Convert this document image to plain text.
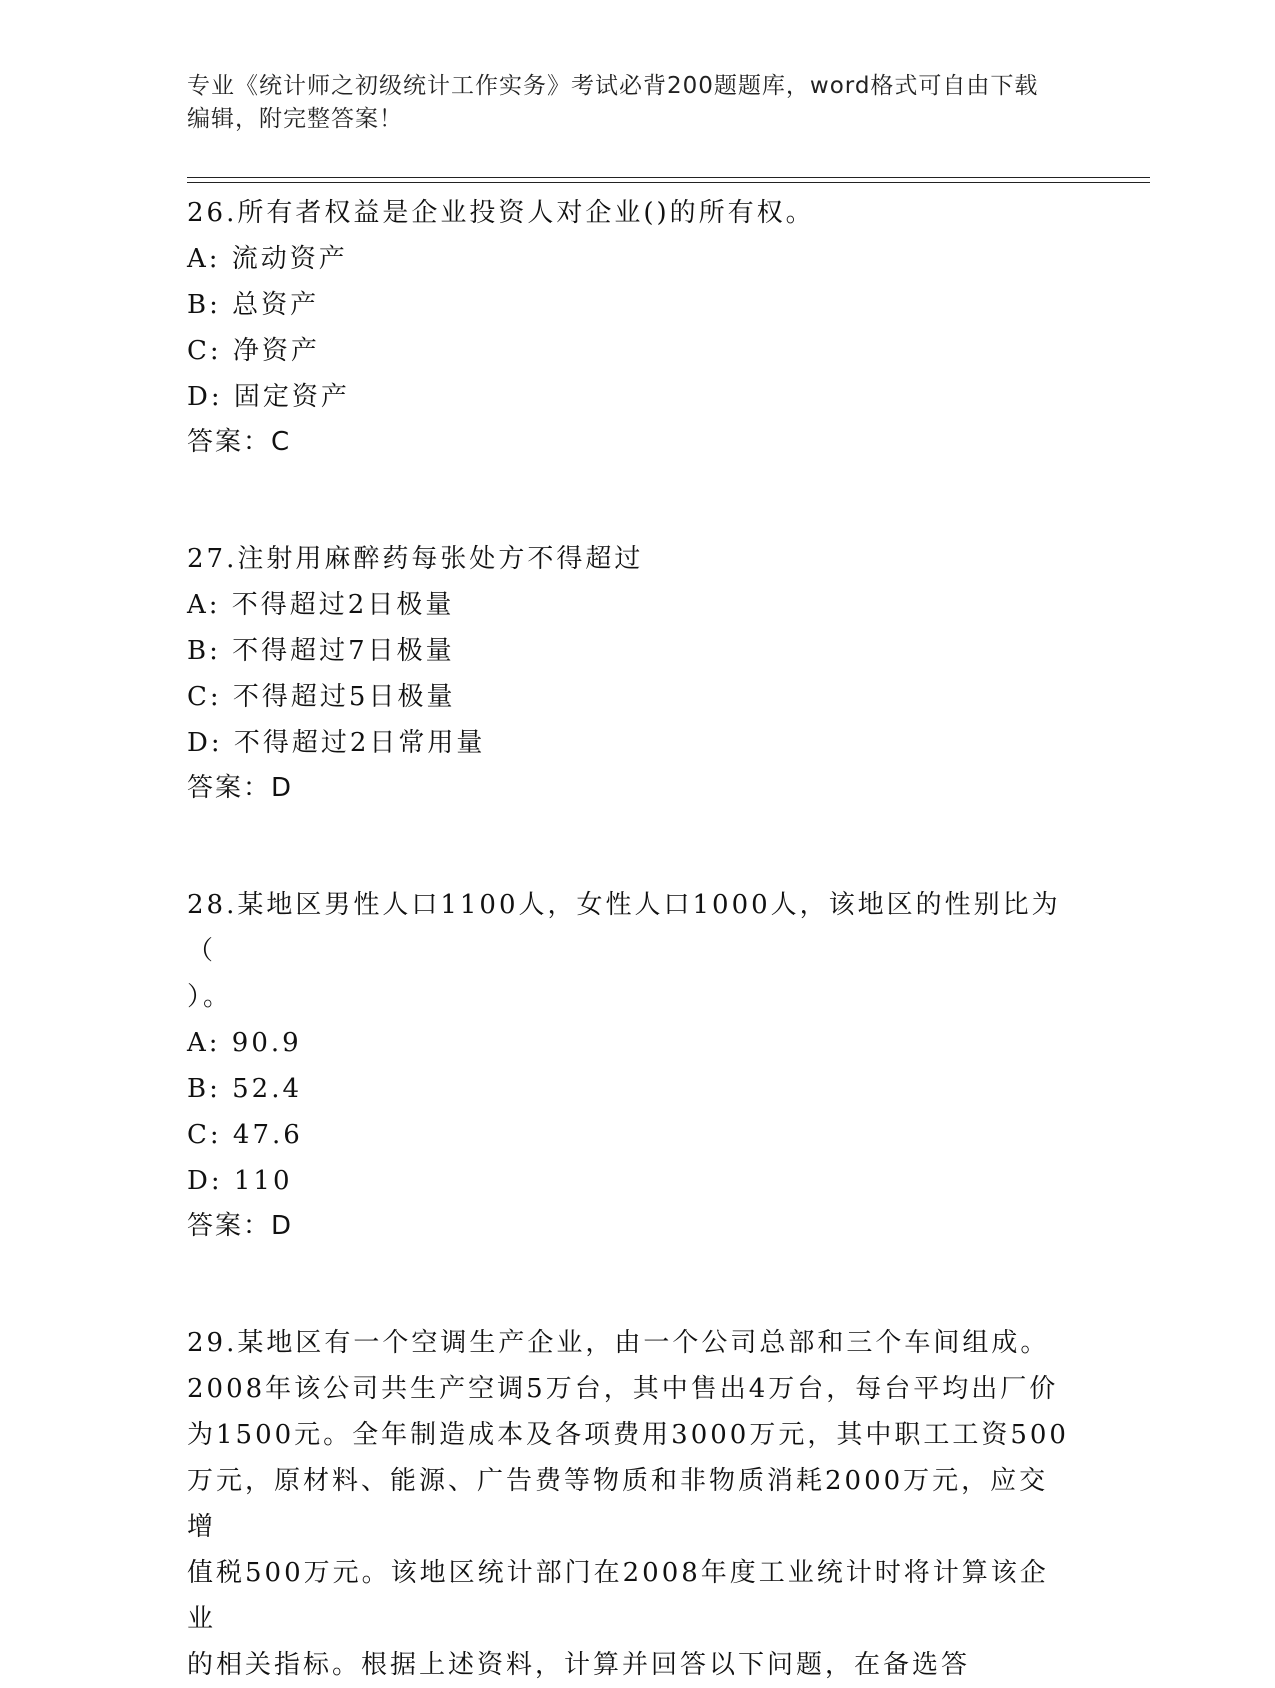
专业《统计师之初级统计工作实务》考试必背200题题库，word格式可自由下载
编辑，附完整答案！

26.所有者权益是企业投资人对企业()的所有权。

A: 流动资产

B: 总资产

C: 净资产

D: 固定资产

答案：C

27.注射用麻醉药每张处方不得超过

A: 不得超过2日极量

B: 不得超过7日极量

C: 不得超过5日极量

D: 不得超过2日常用量

答案：D

28.某地区男性人口1100人，女性人口1000人，该地区的性别比为（

）。

A: 90.9

B: 52.4

C: 47.6

D: 110

答案：D

29.某地区有一个空调生产企业，由一个公司总部和三个车间组成。

2008年该公司共生产空调5万台，其中售出4万台，每台平均出厂价

为1500元。全年制造成本及各项费用3000万元，其中职工工资500

万元，原材料、能源、广告费等物质和非物质消耗2000万元，应交增

值税500万元。该地区统计部门在2008年度工业统计时将计算该企业

的相关指标。根据上述资料，计算并回答以下问题，在备选答
